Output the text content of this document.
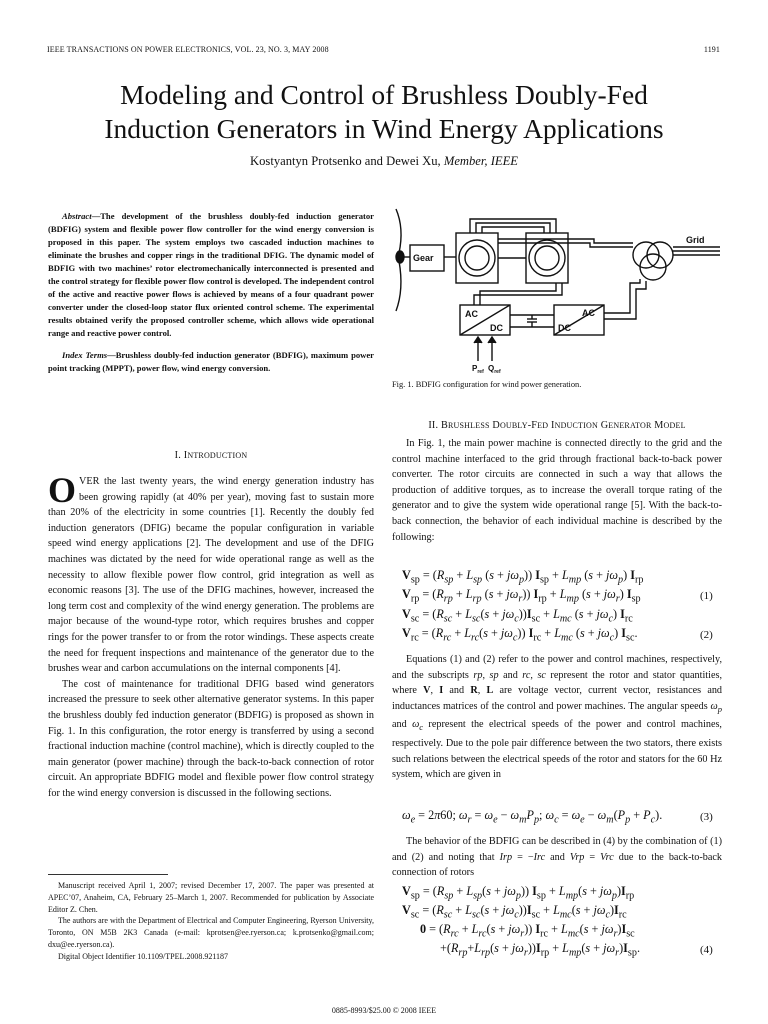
IEEE TRANSACTIONS ON POWER ELECTRONICS, VOL. 23, NO. 3, MAY 2008	1191
Modeling and Control of Brushless Doubly-Fed
Induction Generators in Wind Energy Applications
Kostyantyn Protsenko and Dewei Xu, Member, IEEE

Abstract—The development of the brushless doubly-fed induction generator (BDFIG) system and flexible power flow controller for the wind energy conversion is proposed in this paper. The system employs two cascaded induction machines to eliminate the brushes and copper rings in the traditional DFIG. The dynamic model of BDFIG with two machines’ rotor electromechanically interconnected is presented and the control strategy for flexible power flow control is developed. The independent control of the active and reactive power flows is achieved by means of a four quadrant power converter under the closed-loop stator flux oriented control scheme. The experimental results obtained verify the proposed controller scheme, which allows wide operational range and reactive power control.

Index Terms—Brushless doubly-fed induction generator (BDFIG), maximum power point tracking (MPPT), power flow, wind energy conversion.

I. INTRODUCTION

OVER the last twenty years, the wind energy generation industry has been growing rapidly (at 40% per year), moving fast to sustain more than 20% of the electricity in some countries [1]. Recently the doubly fed induction generators (DFIG) became the popular configuration in variable speed wind energy applications [2]. The development and use of the DFIG machines was dictated by the need for wide operational range as well as the necessity to allow flexible power flow control, grid integration as well as economic reasons [3]. The use of the DFIG machines, however, increased the long term cost and complexity of the wind energy generation. The problems are major because of the wound-type rotor, which requires brushes and copper rings for the power transfer to or from the rotor windings. These aspects create the need for frequent inspections and maintenance of the generator due to the brushes wear and carbon accumulations on the internal components [4].

The cost of maintenance for traditional DFIG based wind generators increased the pressure to seek other alternative generator systems. In this paper the brushless doubly fed induction generator (BDFIG) is proposed as shown in Fig. 1. In this configuration, the rotor energy is transferred by using a second fractional induction machine (control machine), which is directly coupled to the main generator (power machine) through the back-to-back connection of rotor circuit. An appropriate BDFIG model and flexible power flow control strategy for the wind energy conversion is discussed in the following sections.

Manuscript received April 1, 2007; revised December 17, 2007. The paper was presented at APEC’07, Anaheim, CA, February 25–March 1, 2007. Recommended for publication by Associate Editor Z. Chen.

The authors are with the Department of Electrical and Computer Engineering, Ryerson University, Toronto, ON M5B 2K3 Canada (e-mail: kprotsen@ee.ryerson.ca; k.protsenko@gmail.com; dxu@ee.ryerson.ca).

Digital Object Identifier 10.1109/TPEL.2008.921187

Gear
Grid
AC
DC	DC
AC
$P_{ref}$ $Q_{ref}$
Fig. 1. BDFIG configuration for wind power generation.
II. BRUSHLESS DOUBLY-FED INDUCTION GENERATOR MODEL

In Fig. 1, the main power machine is connected directly to the grid and the control machine interfaced to the grid through fractional back-to-back power converter. The rotor circuits are connected in such a way that allows the production of additive torques, as to increase the overall torque rating of the generator and to give the system wide operational range [5]. With the back-to-back connection, the behavior of each individual machine is described by the following:

$V_{sp} = (R_{sp} + L_{sp}$ $(s + j\omega_p)$) $I_{sp} + L_{mp}$ $(s + j\omega_p)$ $I_{rp}$
$V_{rp} = (R_{rp} + L_{rp}$ $(s + j\omega_r)$) $I_{rp} + L_{mp}$ $(s + j\omega_r)$ $I_{sp}$	(1)
$V_{sc} = (R_{sc} + L_{sc}(s + j\omega_c))I_{sc} + L_{mc}$ $(s + j\omega_c)$ $I_{rc}$
$V_{rc} = (R_{rc} + L_{rc}(s + j\omega_c)) I_{rc} + L_{mc}$ $(s + j\omega_c)$ $I_{sc}$.	(2)

Equations (1) and (2) refer to the power and control machines, respectively, and the subscripts rp, sp and rc, sc represent the rotor and stator quantities, where V, I and R, L are voltage vector, current vector, resistances and inductances matrices of the control and power machines. The angular speeds $\omega_p$ and $\omega_c$ represent the electrical speeds of the power and control machines, respectively. Due to the pole pair difference between the two stators, there exists such relations between the electrical speeds of the rotor and stators for the 60 Hz system, which are given in

$\omega_e = 2\pi 60$; $\omega_r = \omega_e - \omega_mP_p$; $\omega_c = \omega_e - \omega_m(P_p + P_c)$.	(3)

The behavior of the BDFIG can be described in (4) by the combination of (1) and (2) and noting that Irp = −Irc and Vrp = Vrc due to the back-to-back connection of rotors

$V_{sp} = (R_{sp} + L_{sp}(s + j\omega_p)) I_{sp} + L_{mp}(s + j\omega_p)I_{rp}$
$V_{sc} = (R_{sc} + L_{sc}(s + j\omega_c))I_{sc} + L_{mc}(s + j\omega_c)I_{rc}$
$0 = (R_{rc} + L_{rc}(s + j\omega_r)) I_{rc} + L_{mc}(s + j\omega_r)I_{sc}$
$+(R_{rp}+L_{rp}(s + j\omega_r))I_{rp} + L_{mp}(s + j\omega_r)I_{sp}$.	(4)
0885-8993/$25.00 © 2008 IEEE
